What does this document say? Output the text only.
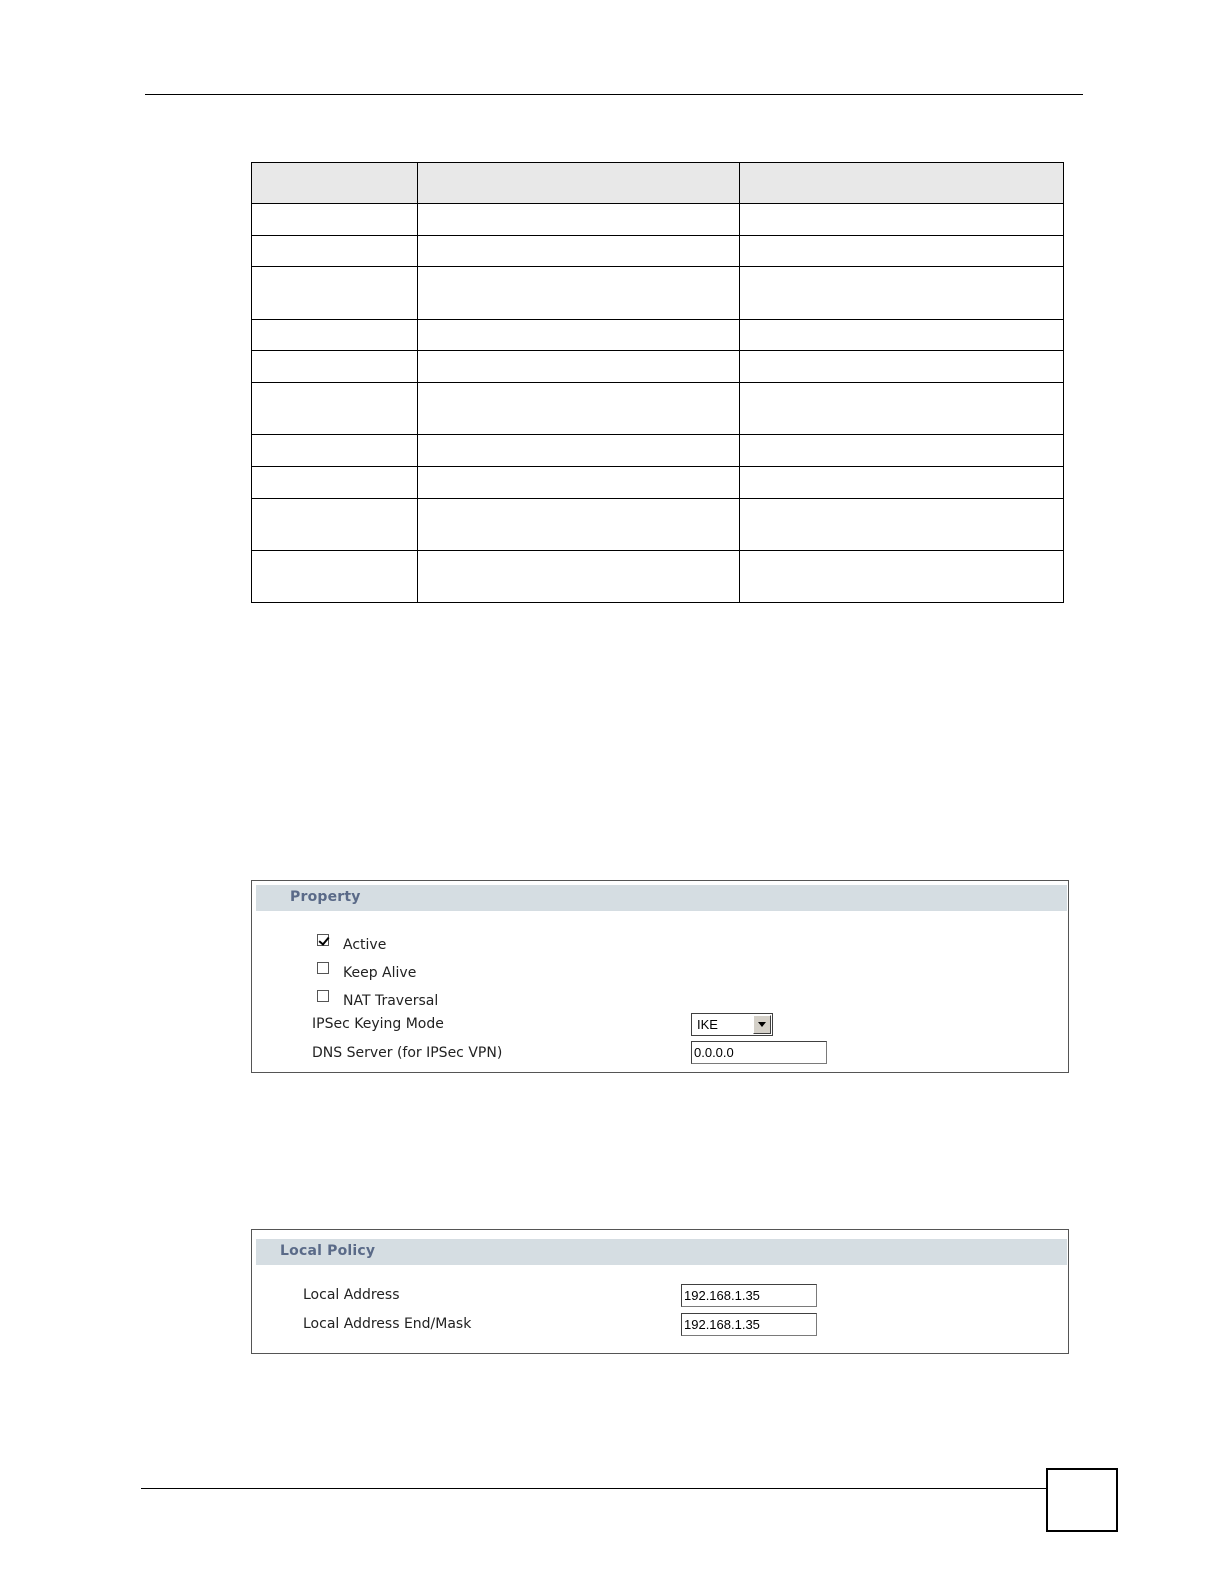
Property
Active
Keep Alive
NAT Traversal
IPSec Keying Mode	IKE
DNS Server (for IPSec VPN)	0.0.0.0
Local Policy
Local Address	192.168.1.35
Local Address End/Mask	192.168.1.35
